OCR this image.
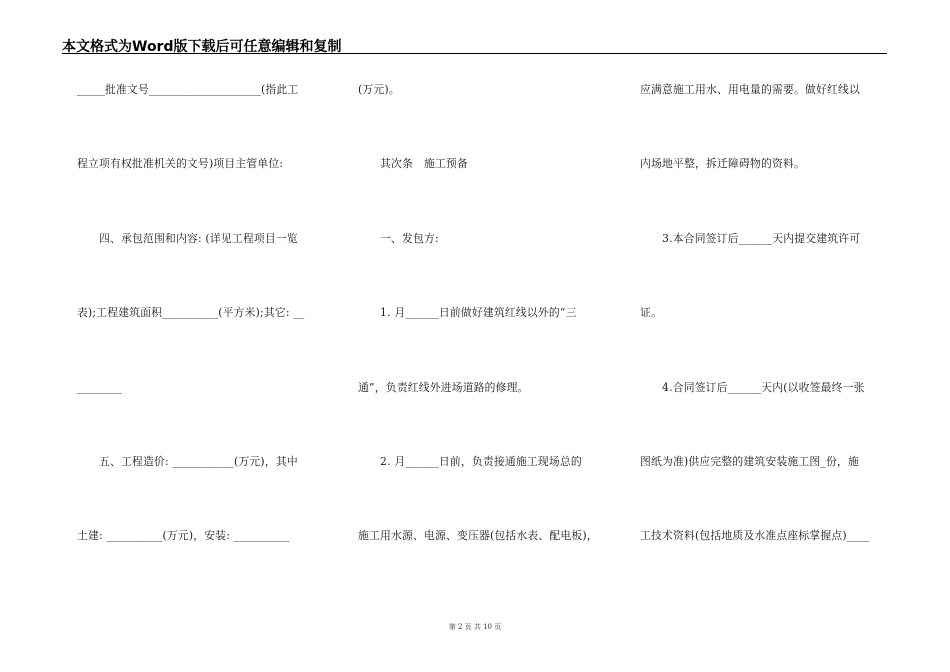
本文格式为Word版下载后可任意编辑和复制
_____批准文号____________________(指此工
程立项有权批准机关的文号)项目主管单位:
　　四、承包范围和内容: (详见工程项目一览
表);工程建筑面积__________(平方米);其它: __
________
　　五、工程造价: ___________(万元)，其中
土建: __________(万元)，安装: __________
(万元)。
　　其次条　施工预备
　　一、发包方:
　　1. 月______日前做好建筑红线以外的“三
通”，负责红线外进场道路的修理。
　　2. 月______日前，负责接通施工现场总的
施工用水源、电源、变压器(包括水表、配电板)，
应满意施工用水、用电量的需要。做好红线以
内场地平整，拆迁障碍物的资料。
　　3.本合同签订后______天内提交建筑许可
证。
　　4.合同签订后______天内(以收签最终一张
图纸为准)供应完整的建筑安装施工图_份，施
工技术资料(包括地质及水准点座标掌握点)____
第 2 页 共 10 页
